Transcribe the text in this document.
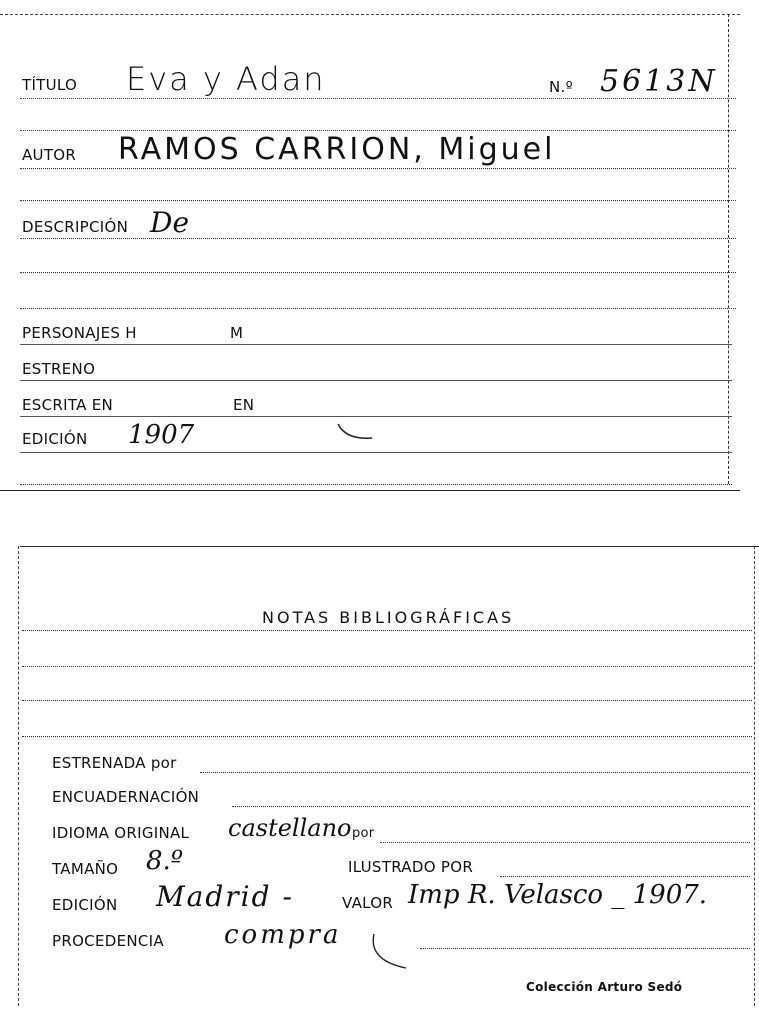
TÍTULO Eva y Adan	N.º 5613N
AUTOR RAMOS CARRION, Miguel
DESCRIPCIÓN De
PERSONAJES H	M
ESTRENO
ESCRITA EN	EN
EDICIÓN 1907
NOTAS BIBLIOGRÁFICAS
ESTRENADA por
ENCUADERNACIÓN
IDIOMA ORIGINAL castellano por
TAMAÑO 8.º	ILUSTRADO POR
EDICIÓN Madrid -	VALOR Imp R. Velasco _ 1907.
PROCEDENCIA compra
Colección Arturo Sedó
